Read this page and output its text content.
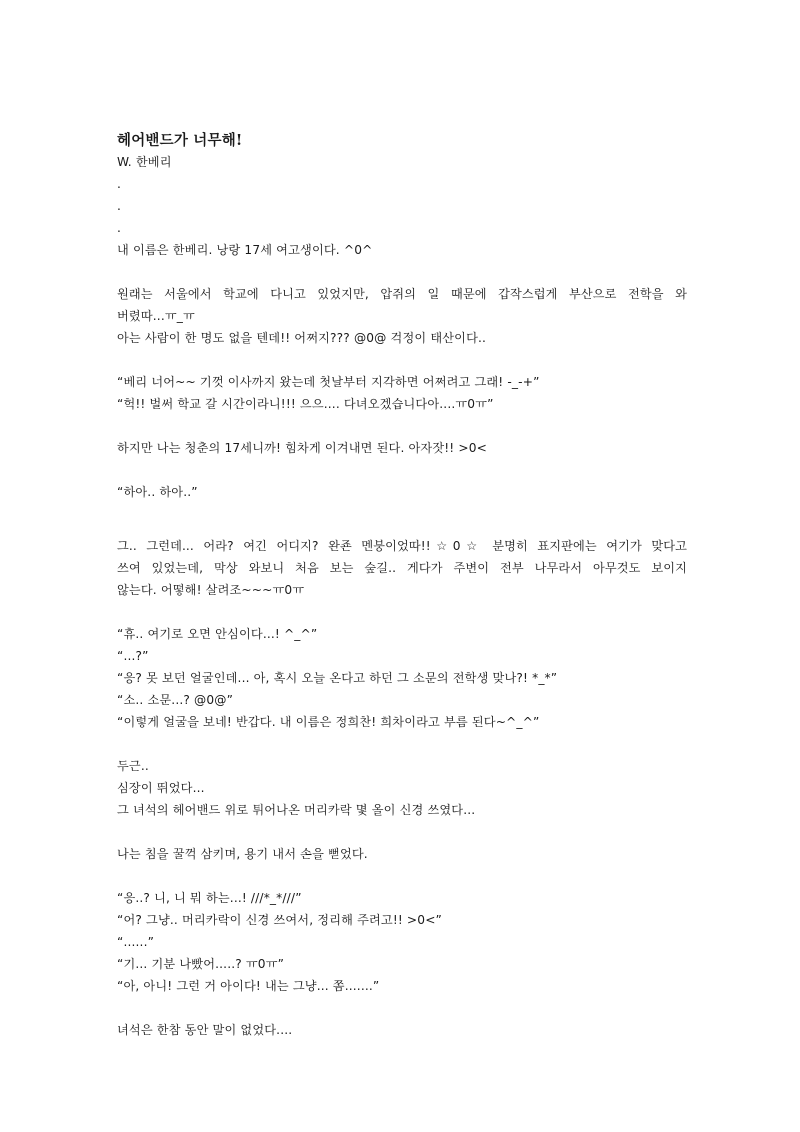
헤어밴드가 너무해!
W. 한베리
.
.
.
내 이름은 한베리. 낭랑 17세 여고생이다. ^0^
원래는 서울에서 학교에 다니고 있었지만, 압쥐의 일 때문에 갑작스럽게 부산으로 전학을 와
버렸따...ㅠ_ㅠ
아는 사람이 한 명도 없을 텐데!! 어쩌지??? @0@ 걱정이 태산이다..
“베리 너어~~ 기껏 이사까지 왔는데 첫날부터 지각하면 어쩌려고 그래! -_-+”
“헉!! 벌써 학교 갈 시간이라니!!! 으으.... 다녀오겠습니다아....ㅠ0ㅠ”
하지만 나는 청춘의 17세니까! 힘차게 이겨내면 된다. 아자잣!! >0<
“하아.. 하아..”
그.. 그런데... 어라? 여긴 어디지? 완죤 멘붕이었따!!☆0☆ 분명히 표지판에는 여기가 맞다고
쓰여 있었는데, 막상 와보니 처음 보는 숲길.. 게다가 주변이 전부 나무라서 아무것도 보이지
않는다. 어떻해! 살려조~~~ㅠ0ㅠ
“휴.. 여기로 오면 안심이다...! ^_^”
“...?”
“응? 못 보던 얼굴인데... 아, 혹시 오늘 온다고 하던 그 소문의 전학생 맞나?! *_*”
“소.. 소문...? @0@”
“이렇게 얼굴을 보네! 반갑다. 내 이름은 정희찬! 희차이라고 부름 된다~^_^”
두근..
심장이 뛰었다...
그 녀석의 헤어밴드 위로 튀어나온 머리카락 몇 올이 신경 쓰였다...
나는 침을 꿀꺽 삼키며, 용기 내서 손을 뻗었다.
“응..? 니, 니 뭐 하는...! ///*_*///”
“어? 그냥.. 머리카락이 신경 쓰여서, 정리해 주려고!! >0<”
“......”
“기... 기분 나빴어.....? ㅠ0ㅠ”
“아, 아니! 그런 거 아이다! 내는 그냥... 쫌.......”
녀석은 한참 동안 말이 없었다....
